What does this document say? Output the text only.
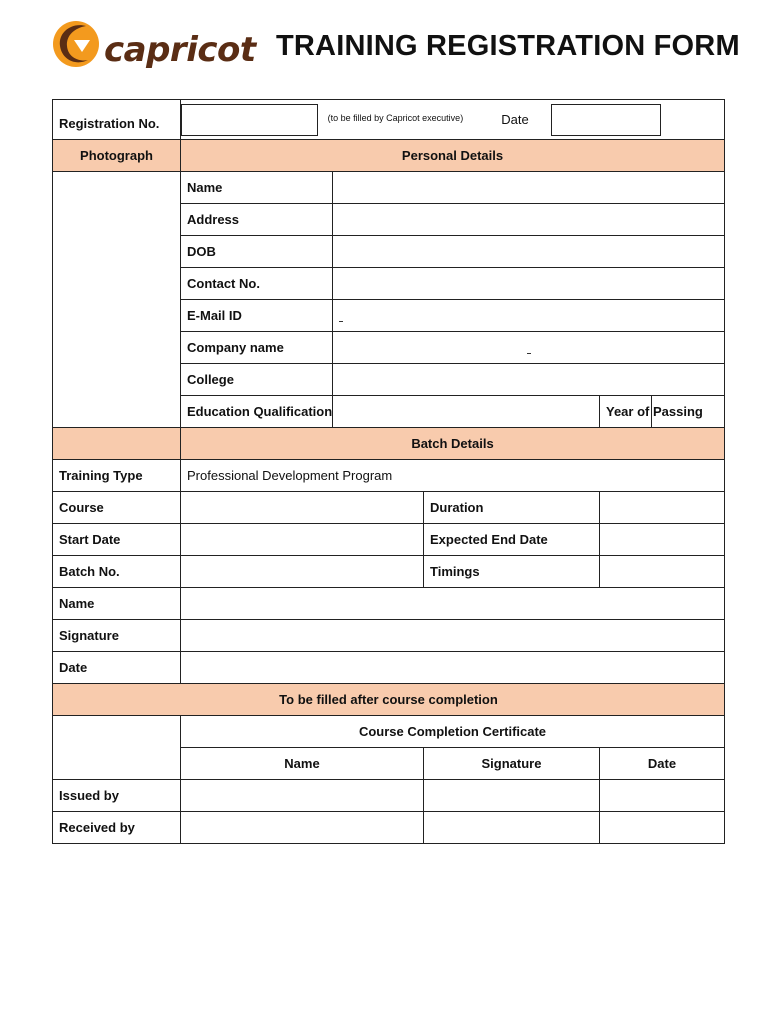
capricot TRAINING REGISTRATION FORM
Registration No.	(to be filled by Capricot executive) Date				
Photograph	Personal Details				
	Name				
	Address				
	DOB				
	Contact No.				
	E-Mail ID				
	Company name				
	College				
	Education Qualification			Year of Passing	
	Batch Details				
Training Type	Professional Development Program				
Course			Duration		
Start Date			Expected End Date		
Batch No.			Timings		
Name					
Signature					
Date					
To be filled after course completion					
	Course Completion Certificate				
	Name		Signature	Date	
Issued by					
Received by					
